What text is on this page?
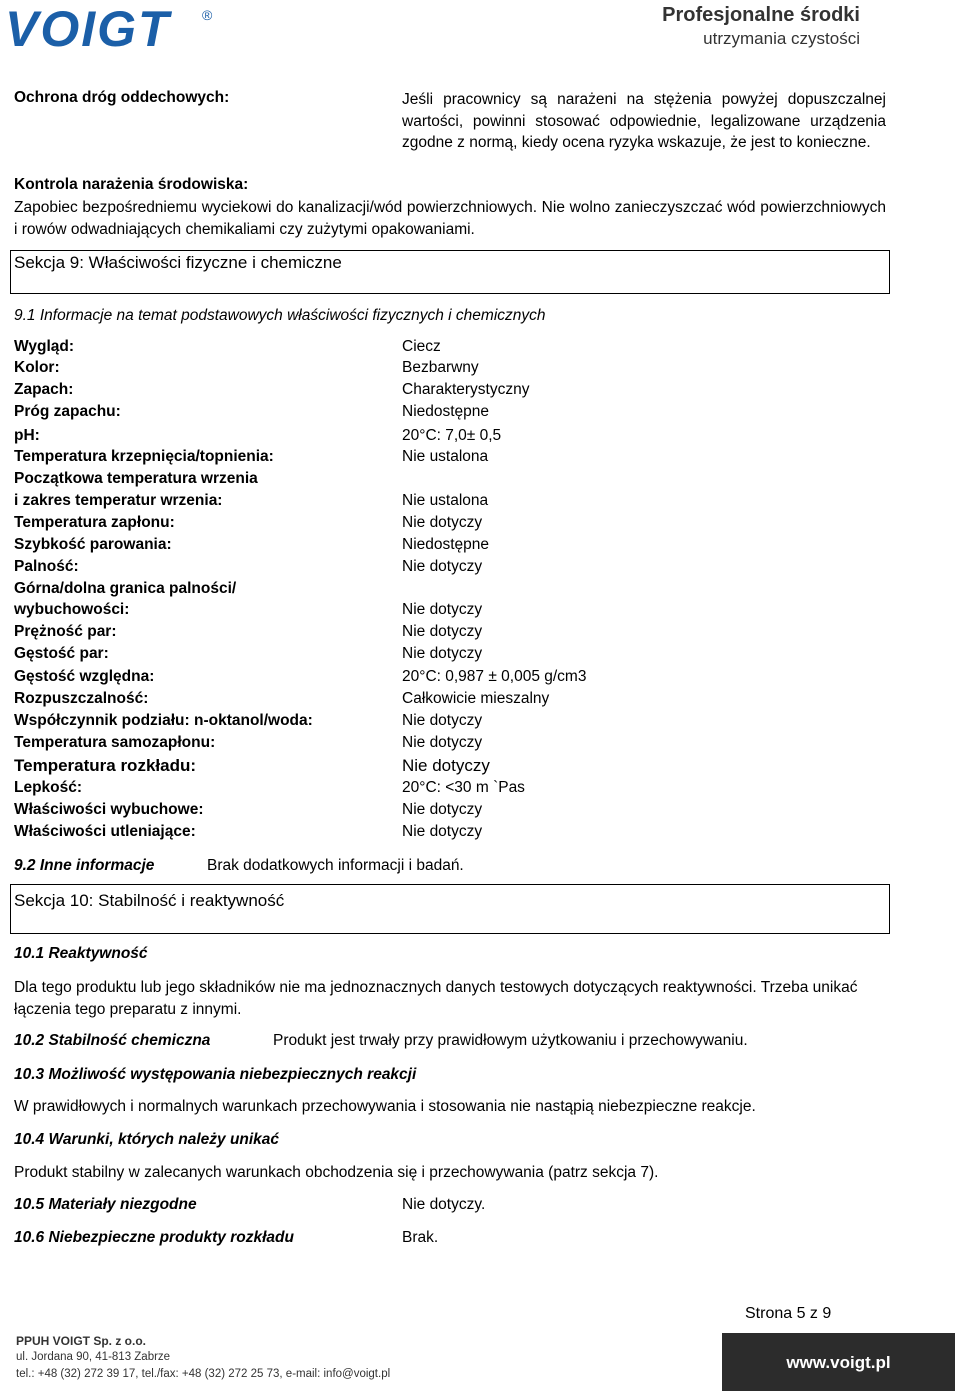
VOIGT ®	Profesjonalne środki
utrzymania czystości
Ochrona dróg oddechowych:	Jeśli pracownicy są narażeni na stężenia powyżej dopuszczalnej wartości, powinni stosować odpowiednie, legalizowane urządzenia zgodne z normą, kiedy ocena ryzyka wskazuje, że jest to konieczne.
Kontrola narażenia środowiska:
Zapobiec bezpośredniemu wyciekowi do kanalizacji/wód powierzchniowych. Nie wolno zanieczyszczać wód powierzchniowych i rowów odwadniających chemikaliami czy zużytymi opakowaniami.
Sekcja 9: Właściwości fizyczne i chemiczne
9.1 Informacje na temat podstawowych właściwości fizycznych i chemicznych
Wygląd:	Ciecz
Kolor:	Bezbarwny
Zapach:	Charakterystyczny
Próg zapachu:	Niedostępne
pH:	20°C: 7,0± 0,5
Temperatura krzepnięcia/topnienia:	Nie ustalona
Początkowa temperatura wrzenia
i zakres temperatur wrzenia:	Nie ustalona
Temperatura zapłonu:	Nie dotyczy
Szybkość parowania:	Niedostępne
Palność:	Nie dotyczy
Górna/dolna granica palności/
wybuchowości:	Nie dotyczy
Prężność par:	Nie dotyczy
Gęstość par:	Nie dotyczy
Gęstość względna:	20°C: 0,987 ± 0,005 g/cm3
Rozpuszczalność:	Całkowicie mieszalny
Współczynnik podziału: n-oktanol/woda:	Nie dotyczy
Temperatura samozapłonu:	Nie dotyczy
Temperatura rozkładu:	Nie dotyczy
Lepkość:	20°C: <30 m `Pas
Właściwości wybuchowe:	Nie dotyczy
Właściwości utleniające:	Nie dotyczy
9.2 Inne informacje	Brak dodatkowych informacji i badań.
Sekcja 10: Stabilność i reaktywność
10.1 Reaktywność
Dla tego produktu lub jego składników nie ma jednoznacznych danych testowych dotyczących reaktywności. Trzeba unikać łączenia tego preparatu z innymi.
10.2 Stabilność chemiczna	Produkt jest trwały przy prawidłowym użytkowaniu i przechowywaniu.
10.3 Możliwość występowania niebezpiecznych reakcji
W prawidłowych i normalnych warunkach przechowywania i stosowania nie nastąpią niebezpieczne reakcje.
10.4 Warunki, których należy unikać
Produkt stabilny w zalecanych warunkach obchodzenia się i przechowywania (patrz sekcja 7).
10.5 Materiały niezgodne	Nie dotyczy.
10.6 Niebezpieczne produkty rozkładu	Brak.
Strona 5 z 9
PPUH VOIGT Sp. z o.o.
ul. Jordana 90, 41-813 Zabrze
tel.: +48 (32) 272 39 17, tel./fax: +48 (32) 272 25 73, e-mail: info@voigt.pl
www.voigt.pl
